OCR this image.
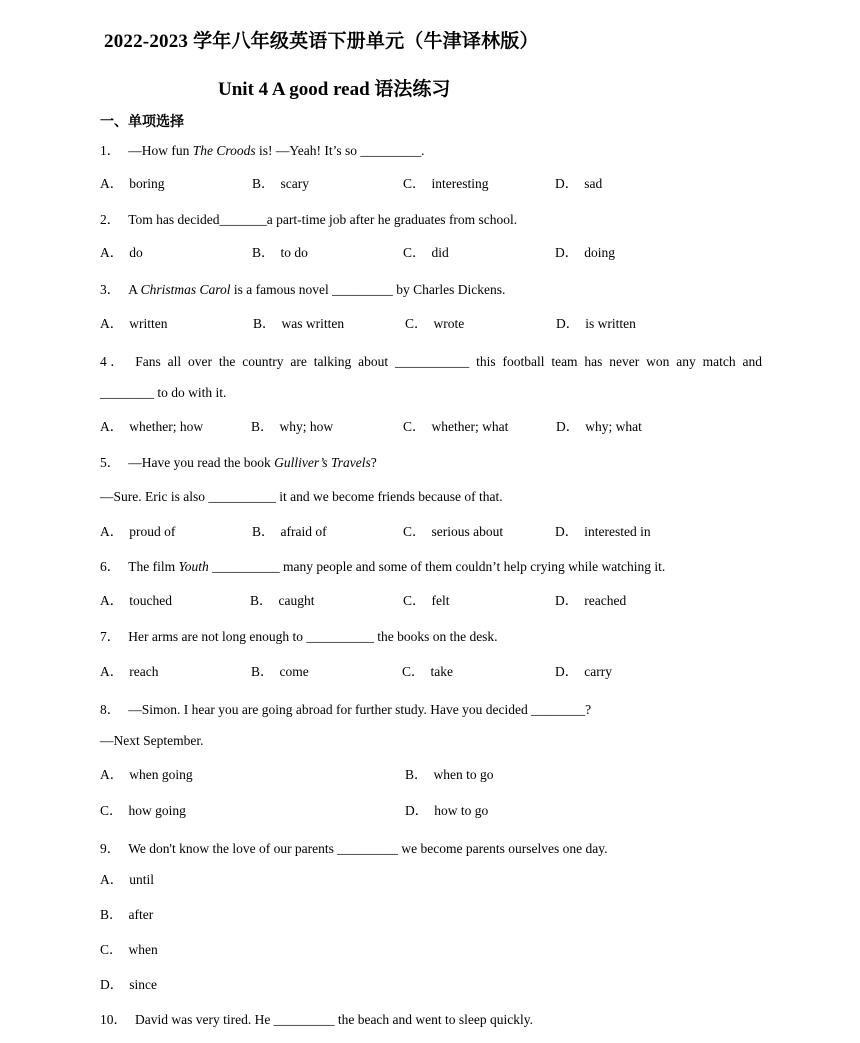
2022-2023 学年八年级英语下册单元（牛津译林版）
Unit 4 A good read 语法练习
一、单项选择
1． —How fun The Croods is! —Yeah! It’s so _________.
A． boring	B． scary	C． interesting	D． sad
2． Tom has decided_______a part-time job after he graduates from school.
A． do	B． to do	C． did	D． doing
3． A Christmas Carol is a famous novel _________ by Charles Dickens.
A． written	B． was written	C． wrote	D． is written
4． Fans all over the country are talking about ___________ this football team has never won any match and
________ to do with it.
A． whether; how	B． why; how	C． whether; what	D． why; what
5． —Have you read the book Gulliver’s Travels?
—Sure. Eric is also __________ it and we become friends because of that.
A． proud of	B． afraid of	C． serious about	D． interested in
6． The film Youth __________ many people and some of them couldn’t help crying while watching it.
A． touched	B． caught	C． felt	D． reached
7． Her arms are not long enough to __________ the books on the desk.
A． reach	B． come	C． take	D． carry
8． —Simon. I hear you are going abroad for further study. Have you decided ________?
—Next September.
A． when going	B． when to go
C． how going	D． how to go
9． We don't know the love of our parents _________ we become parents ourselves one day.
A． until
B． after
C． when
D． since
10． David was very tired. He _________ the beach and went to sleep quickly.
